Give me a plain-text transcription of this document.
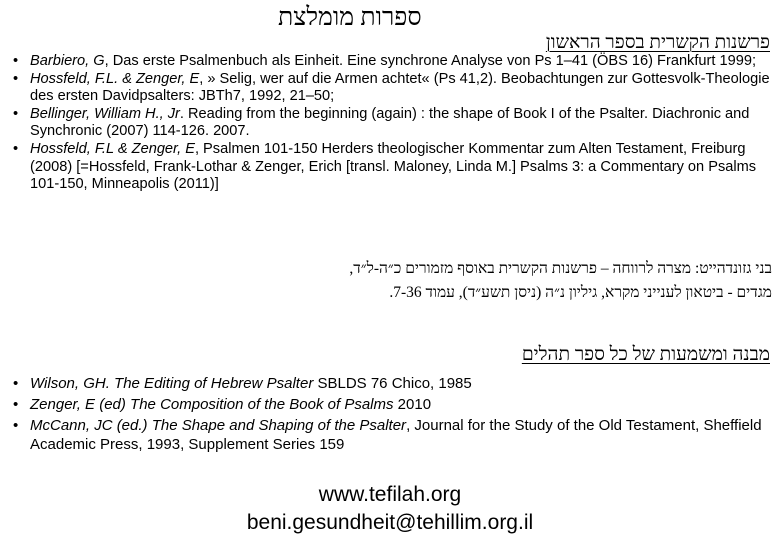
ספרות מומלצת
פרשנות הקשרית בספר הראשון
• Barbiero, G, Das erste Psalmenbuch als Einheit. Eine synchrone Analyse von Ps 1–41 (ÖBS 16) Frankfurt 1999;
• Hossfeld, F.L. & Zenger, E, » Selig, wer auf die Armen achtet« (Ps 41,2). Beobachtungen zur Gottesvolk-Theologie des ersten Davidpsalters: JBTh7, 1992, 21–50;
• Bellinger, William H., Jr. Reading from the beginning (again) : the shape of Book I of the Psalter. Diachronic and Synchronic (2007) 114-126. 2007.
• Hossfeld, F.L & Zenger, E, Psalmen 101-150 Herders theologischer Kommentar zum Alten Testament, Freiburg (2008) [=Hossfeld, Frank-Lothar & Zenger, Erich [transl. Maloney, Linda M.] Psalms 3: a Commentary on Psalms 101-150, Minneapolis (2011)]
בני גזונדהייט: מצרה לרווחה – פרשנות הקשרית באוסף מזמורים כ״ה-ל״ד,
מגדים - ביטאון לענייני מקרא, גיליון נ״ה (ניסן תשע״ד), עמוד 7-36.
מבנה ומשמעות של כל ספר תהלים
• Wilson, GH. The Editing of Hebrew Psalter SBLDS 76 Chico, 1985
• Zenger, E (ed) The Composition of the Book of Psalms 2010
• McCann, JC (ed.) The Shape and Shaping of the Psalter, Journal for the Study of the Old Testament, Sheffield Academic Press, 1993, Supplement Series 159
www.tefilah.org
beni.gesundheit@tehillim.org.il
